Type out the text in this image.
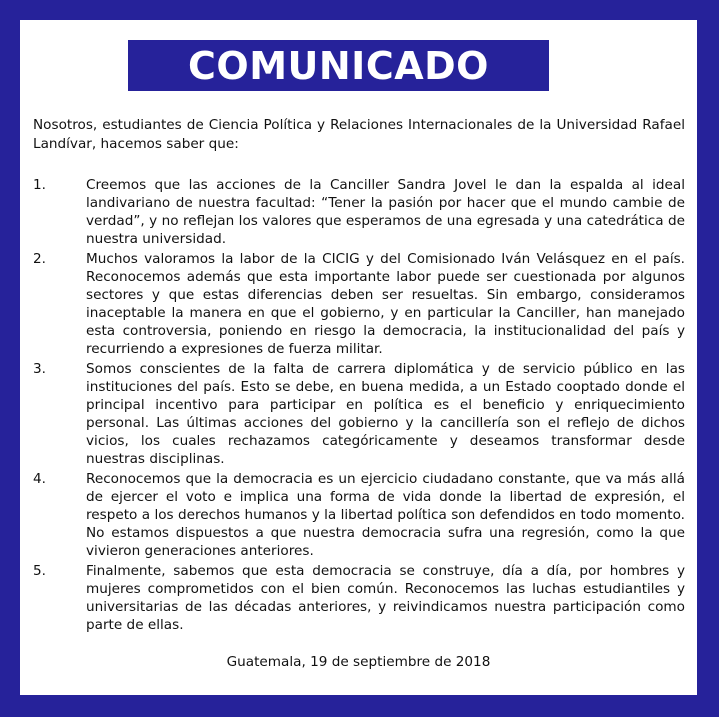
COMUNICADO
Nosotros, estudiantes de Ciencia Política y Relaciones Internacionales de la Universidad Rafael Landívar, hacemos saber que:
1.	Creemos que las acciones de la Canciller Sandra Jovel le dan la espalda al ideal landivariano de nuestra facultad: “Tener la pasión por hacer que el mundo cambie de verdad”, y no reflejan los valores que esperamos de una egresada y una catedrática de nuestra universidad.
2.	Muchos valoramos la labor de la CICIG y del Comisionado Iván Velásquez en el país. Reconocemos además que esta importante labor puede ser cuestionada por algunos sectores y que estas diferencias deben ser resueltas. Sin embargo, consideramos inaceptable la manera en que el gobierno, y en particular la Canciller, han manejado esta controversia, poniendo en riesgo la democracia, la institucionalidad del país y recurriendo a expresiones de fuerza militar.
3.	Somos conscientes de la falta de carrera diplomática y de servicio público en las instituciones del país. Esto se debe, en buena medida, a un Estado cooptado donde el principal incentivo para participar en política es el beneficio y enriquecimiento personal. Las últimas acciones del gobierno y la cancillería son el reflejo de dichos vicios, los cuales rechazamos categóricamente y deseamos transformar desde nuestras disciplinas.
4.	Reconocemos que la democracia es un ejercicio ciudadano constante, que va más allá de ejercer el voto e implica una forma de vida donde la libertad de expresión, el respeto a los derechos humanos y la libertad política son defendidos en todo momento. No estamos dispuestos a que nuestra democracia sufra una regresión, como la que vivieron generaciones anteriores.
5.	Finalmente, sabemos que esta democracia se construye, día a día, por hombres y mujeres comprometidos con el bien común. Reconocemos las luchas estudiantiles y universitarias de las décadas anteriores, y reivindicamos nuestra participación como parte de ellas.
Guatemala, 19 de septiembre de 2018
